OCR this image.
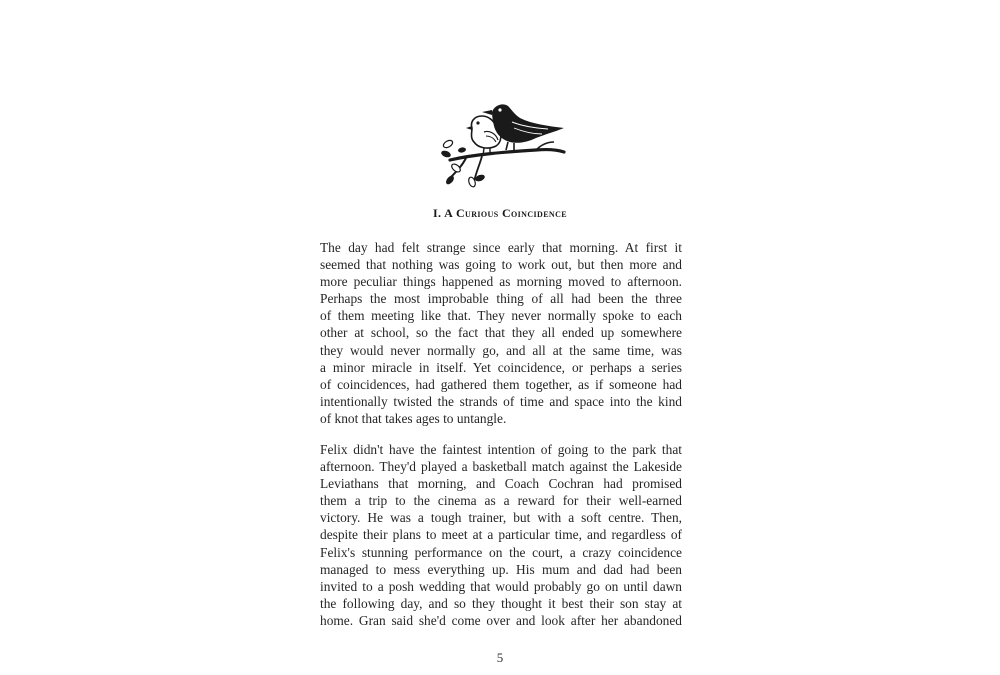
I. A Curious Coincidence
The day had felt strange since early that morning. At first it
seemed that nothing was going to work out, but then more and
more peculiar things happened as morning moved to afternoon.
Perhaps the most improbable thing of all had been the three
of them meeting like that. They never normally spoke to each
other at school, so the fact that they all ended up somewhere
they would never normally go, and all at the same time, was
a minor miracle in itself. Yet coincidence, or perhaps a series
of coincidences, had gathered them together, as if someone had
intentionally twisted the strands of time and space into the kind
of knot that takes ages to untangle.
Felix didn't have the faintest intention of going to the park that
afternoon. They'd played a basketball match against the Lakeside
Leviathans that morning, and Coach Cochran had promised
them a trip to the cinema as a reward for their well-earned
victory. He was a tough trainer, but with a soft centre. Then,
despite their plans to meet at a particular time, and regardless of
Felix's stunning performance on the court, a crazy coincidence
managed to mess everything up. His mum and dad had been
invited to a posh wedding that would probably go on until dawn
the following day, and so they thought it best their son stay at
home. Gran said she'd come over and look after her abandoned
5
